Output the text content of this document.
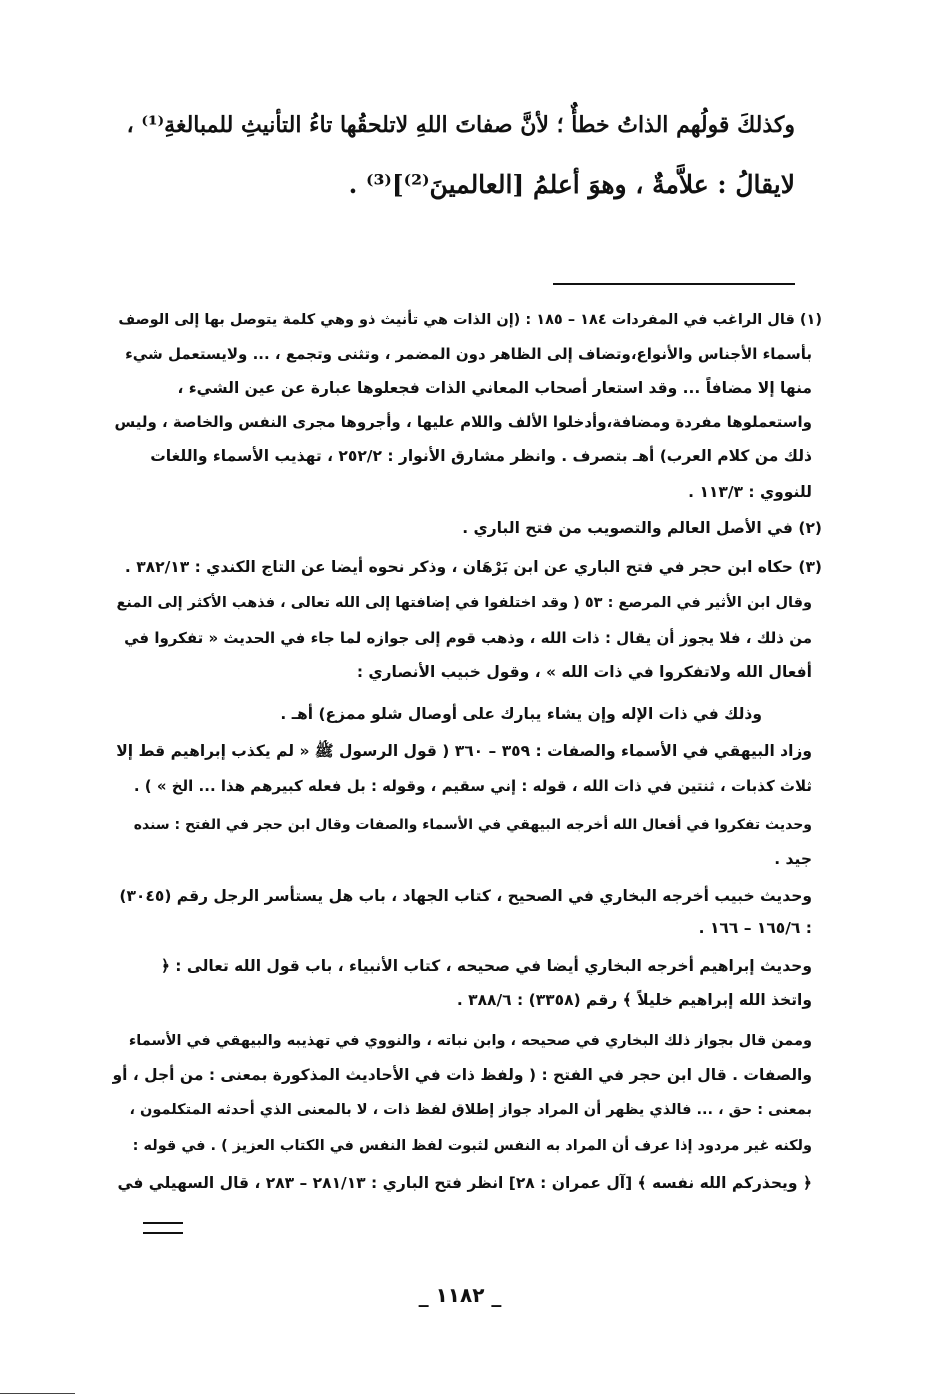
وكذلكَ قولُهم الذاتُ خطأٌ ؛ لأنَّ صفاتَ اللهِ لاتلحقُها تاءُ التأنيثِ للمبالغةِ⁽¹⁾ ،
لايقالُ : علاَّمةٌ ، وهوَ أعلمُ [العالمينَ⁽²⁾]⁽³⁾ .
(١) قال الراغب في المفردات ١٨٤ – ١٨٥ : (إن الذات هي تأنيث ذو وهي كلمة يتوصل بها إلى الوصف
بأسماء الأجناس والأنواع،وتضاف إلى الظاهر دون المضمر ، وتثنى وتجمع ، ... ولايستعمل شيء
منها إلا مضافاً ... وقد استعار أصحاب المعاني الذات فجعلوها عبارة عن عين الشيء ،
واستعملوها مفردة ومضافة،وأدخلوا الألف واللام عليها ، وأجروها مجرى النفس والخاصة ، وليس
ذلك من كلام العرب) أهـ بتصرف . وانظر مشارق الأنوار : ٢٥٢/٢ ، تهذيب الأسماء واللغات
للنووي : ١١٣/٣ .
(٢) في الأصل العالم والتصويب من فتح الباري .
(٣) حكاه ابن حجر في فتح الباري عن ابن بَرْهَان ، وذكر نحوه أيضا عن التاج الكندي : ٣٨٢/١٣ .
وقال ابن الأثير في المرصع : ٥٣ ( وقد اختلفوا في إضافتها إلى الله تعالى ، فذهب الأكثر إلى المنع
من ذلك ، فلا يجوز أن يقال : ذات الله ، وذهب قوم إلى جوازه لما جاء في الحديث « تفكروا في
أفعال الله ولاتفكروا في ذات الله » ، وقول خبيب الأنصاري :
وذلك في ذات الإله وإن يشاء يبارك على أوصال شلو ممزع) أهـ .
وزاد البيهقي في الأسماء والصفات : ٣٥٩ – ٣٦٠ ( قول الرسول ﷺ « لم يكذب إبراهيم قط إلا
ثلاث كذبات ، ثنتين في ذات الله ، قوله : إني سقيم ، وقوله : بل فعله كبيرهم هذا ... الخ » ) .
وحديث تفكروا في أفعال الله أخرجه البيهقي في الأسماء والصفات وقال ابن حجر في الفتح : سنده
جيد .
وحديث خبيب أخرجه البخاري في الصحيح ، كتاب الجهاد ، باب هل يستأسر الرجل رقم (٣٠٤٥)
: ١٦٥/٦ – ١٦٦ .
وحديث إبراهيم أخرجه البخاري أيضا في صحيحه ، كتاب الأنبياء ، باب قول الله تعالى : ﴿
واتخذ الله إبراهيم خليلاً ﴾ رقم (٣٣٥٨) : ٣٨٨/٦ .
وممن قال بجواز ذلك البخاري في صحيحه ، وابن نباته ، والنووي في تهذيبه والبيهقي في الأسماء
والصفات . قال ابن حجر في الفتح : ( ولفظ ذات في الأحاديث المذكورة بمعنى : من أجل ، أو
بمعنى : حق ، ... فالذي يظهر أن المراد جواز إطلاق لفظ ذات ، لا بالمعنى الذي أحدثه المتكلمون ،
ولكنه غير مردود إذا عرف أن المراد به النفس لثبوت لفظ النفس في الكتاب العزيز ) . في قوله :
﴿ ويحذركم الله نفسه ﴾ [آل عمران : ٢٨] انظر فتح الباري : ٢٨١/١٣ – ٢٨٣ ، قال السهيلي في
_ ١١٨٢ _
